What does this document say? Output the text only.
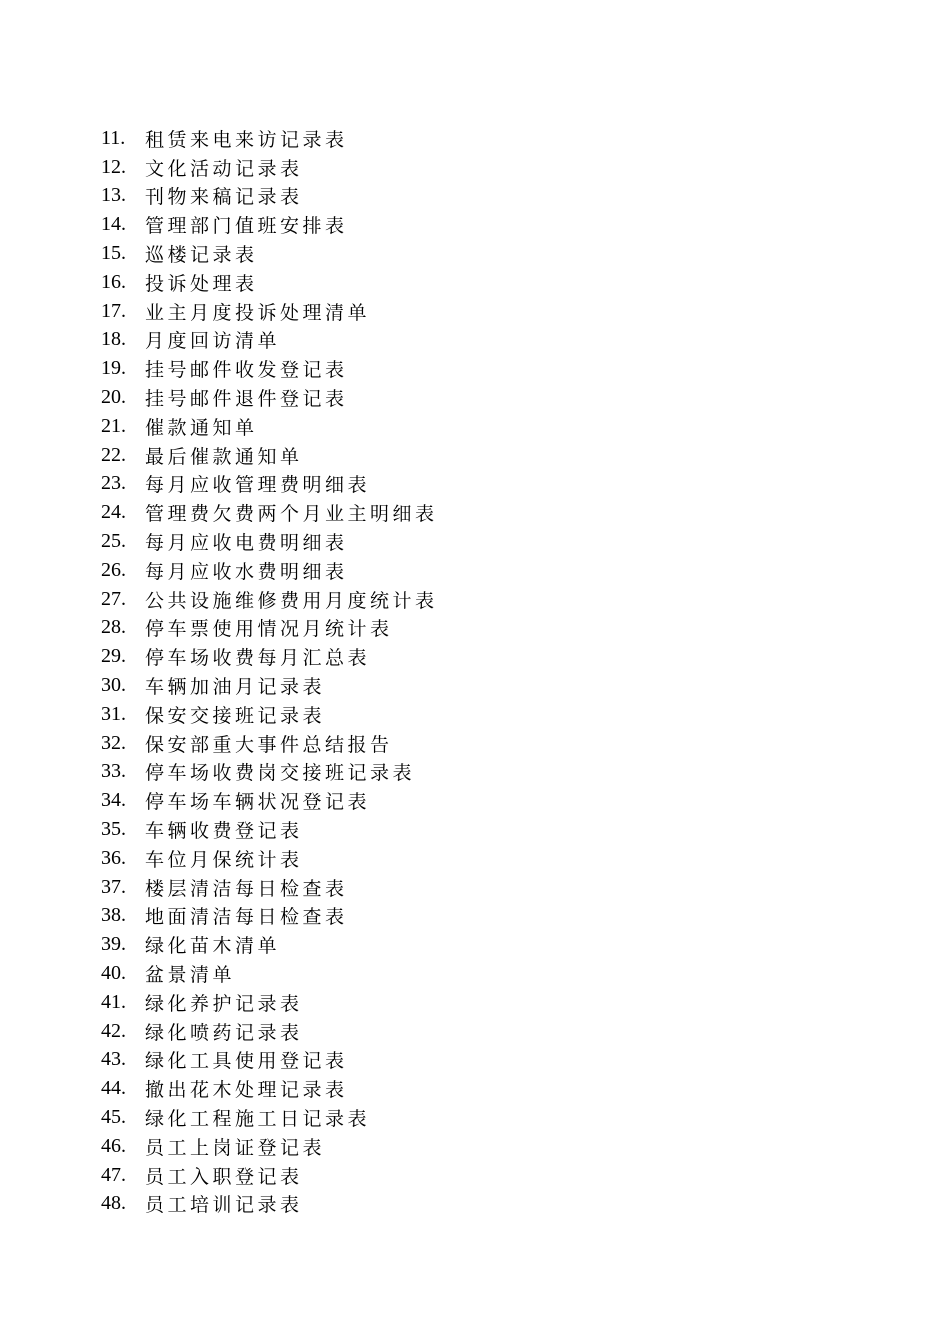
11.	租赁来电来访记录表
12.	文化活动记录表
13.	刊物来稿记录表
14.	管理部门值班安排表
15.	巡楼记录表
16.	投诉处理表
17.	业主月度投诉处理清单
18.	月度回访清单
19.	挂号邮件收发登记表
20.	挂号邮件退件登记表
21.	催款通知单
22.	最后催款通知单
23.	每月应收管理费明细表
24.	管理费欠费两个月业主明细表
25.	每月应收电费明细表
26.	每月应收水费明细表
27.	公共设施维修费用月度统计表
28.	停车票使用情况月统计表
29.	停车场收费每月汇总表
30.	车辆加油月记录表
31.	保安交接班记录表
32.	保安部重大事件总结报告
33.	停车场收费岗交接班记录表
34.	停车场车辆状况登记表
35.	车辆收费登记表
36.	车位月保统计表
37.	楼层清洁每日检查表
38.	地面清洁每日检查表
39.	绿化苗木清单
40.	盆景清单
41.	绿化养护记录表
42.	绿化喷药记录表
43.	绿化工具使用登记表
44.	撤出花木处理记录表
45.	绿化工程施工日记录表
46.	员工上岗证登记表
47.	员工入职登记表
48.	员工培训记录表
